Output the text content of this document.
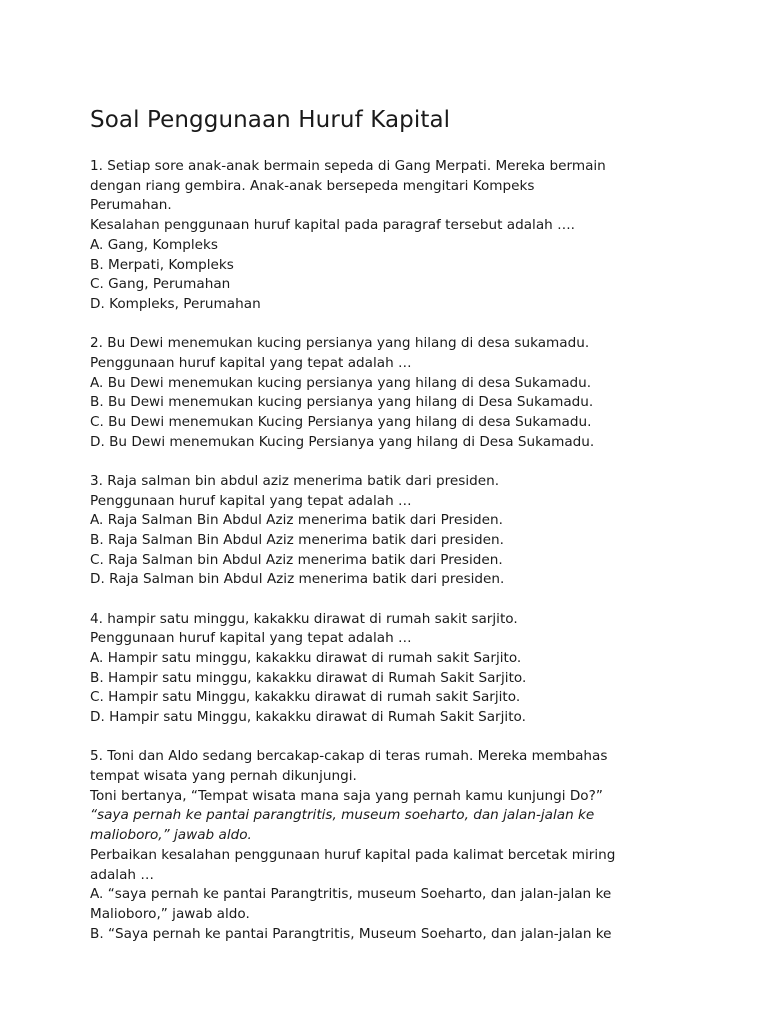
Soal Penggunaan Huruf Kapital
1. Setiap sore anak-anak bermain sepeda di Gang Merpati. Mereka bermain
dengan riang gembira. Anak-anak bersepeda mengitari Kompeks
Perumahan.
Kesalahan penggunaan huruf kapital pada paragraf tersebut adalah ….
A. Gang, Kompleks
B. Merpati, Kompleks
C. Gang, Perumahan
D. Kompleks, Perumahan
2. Bu Dewi menemukan kucing persianya yang hilang di desa sukamadu.
Penggunaan huruf kapital yang tepat adalah …
A. Bu Dewi menemukan kucing persianya yang hilang di desa Sukamadu.
B. Bu Dewi menemukan kucing persianya yang hilang di Desa Sukamadu.
C. Bu Dewi menemukan Kucing Persianya yang hilang di desa Sukamadu.
D. Bu Dewi menemukan Kucing Persianya yang hilang di Desa Sukamadu.
3. Raja salman bin abdul aziz menerima batik dari presiden.
Penggunaan huruf kapital yang tepat adalah …
A. Raja Salman Bin Abdul Aziz menerima batik dari Presiden.
B. Raja Salman Bin Abdul Aziz menerima batik dari presiden.
C. Raja Salman bin Abdul Aziz menerima batik dari Presiden.
D. Raja Salman bin Abdul Aziz menerima batik dari presiden.
4. hampir satu minggu, kakakku dirawat di rumah sakit sarjito.
Penggunaan huruf kapital yang tepat adalah …
A. Hampir satu minggu, kakakku dirawat di rumah sakit Sarjito.
B. Hampir satu minggu, kakakku dirawat di Rumah Sakit Sarjito.
C. Hampir satu Minggu, kakakku dirawat di rumah sakit Sarjito.
D. Hampir satu Minggu, kakakku dirawat di Rumah Sakit Sarjito.
5. Toni dan Aldo sedang bercakap-cakap di teras rumah. Mereka membahas
tempat wisata yang pernah dikunjungi.
Toni bertanya, “Tempat wisata mana saja yang pernah kamu kunjungi Do?”
“saya pernah ke pantai parangtritis, museum soeharto, dan jalan-jalan ke
malioboro,” jawab aldo.
Perbaikan kesalahan penggunaan huruf kapital pada kalimat bercetak miring
adalah …
A. “saya pernah ke pantai Parangtritis, museum Soeharto, dan jalan-jalan ke
Malioboro,” jawab aldo.
B. “Saya pernah ke pantai Parangtritis, Museum Soeharto, dan jalan-jalan ke
